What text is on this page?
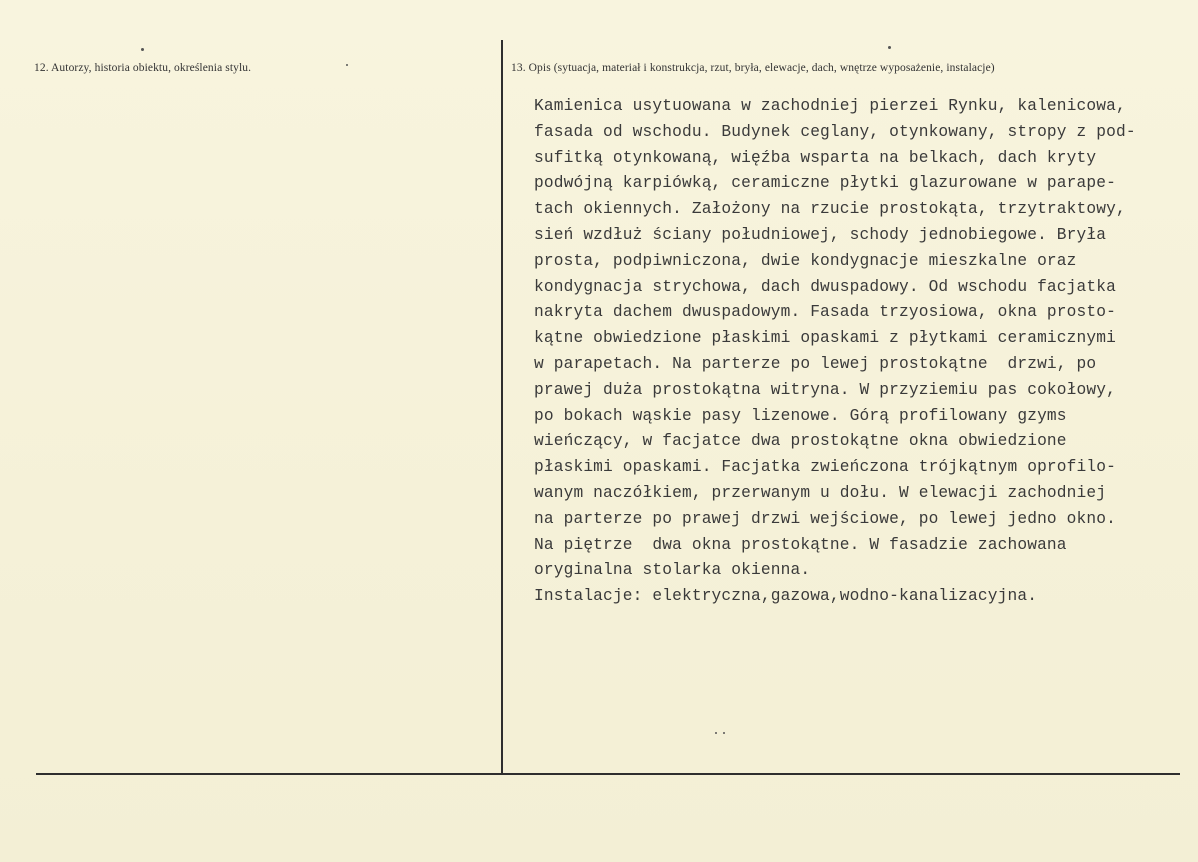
12. Autorzy, historia obiektu, określenia stylu.	13. Opis (sytuacja, materiał i konstrukcja, rzut, bryła, elewacje, dach, wnętrze wyposażenie, instalacje)
Kamienica usytuowana w zachodniej pierzei Rynku, kalenicowa,
fasada od wschodu. Budynek ceglany, otynkowany, stropy z pod-
sufitką otynkowaną, więźba wsparta na belkach, dach kryty
podwójną karpiówką, ceramiczne płytki glazurowane w parape-
tach okiennych. Założony na rzucie prostokąta, trzytraktowy,
sień wzdłuż ściany południowej, schody jednobiegowe. Bryła
prosta, podpiwniczona, dwie kondygnacje mieszkalne oraz
kondygnacja strychowa, dach dwuspadowy. Od wschodu facjatka
nakryta dachem dwuspadowym. Fasada trzyosiowa, okna prosto-
kątne obwiedzione płaskimi opaskami z płytkami ceramicznymi
w parapetach. Na parterze po lewej prostokątne  drzwi, po
prawej duża prostokątna witryna. W przyziemiu pas cokołowy,
po bokach wąskie pasy lizenowe. Górą profilowany gzyms
wieńczący, w facjatce dwa prostokątne okna obwiedzione
płaskimi opaskami. Facjatka zwieńczona trójkątnym oprofilo-
wanym naczółkiem, przerwanym u dołu. W elewacji zachodniej
na parterze po prawej drzwi wejściowe, po lewej jedno okno.
Na piętrze  dwa okna prostokątne. W fasadzie zachowana
oryginalna stolarka okienna.
Instalacje: elektryczna,gazowa,wodno-kanalizacyjna.
